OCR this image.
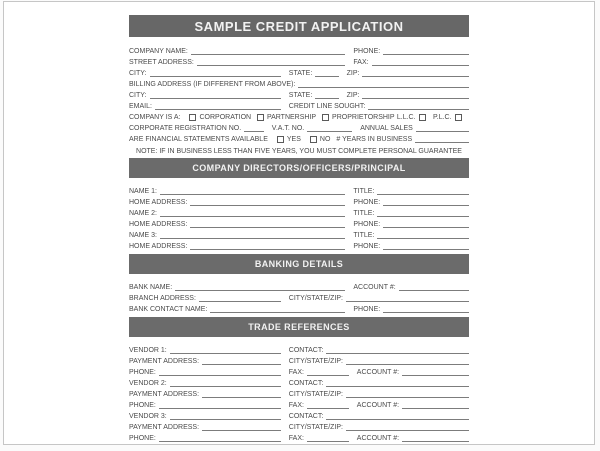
SAMPLE CREDIT APPLICATION
COMPANY NAME:	PHONE:
STREET ADDRESS:	FAX:
CITY:	STATE:	ZIP:
BILLING ADDRESS (IF DIFFERENT FROM ABOVE):
CITY:	STATE:	ZIP:
EMAIL:	CREDIT LINE SOUGHT:
COMPANY IS A:	CORPORATION PARTNERSHIP PROPRIETORSHIP L.L.C. P.L.C.
CORPORATE REGISTRATION NO.	V.A.T. NO.	ANNUAL SALES
ARE FINANCIAL STATEMENTS AVAILABLE	YES	NO # YEARS IN BUSINESS
NOTE: IF IN BUSINESS LESS THAN FIVE YEARS, YOU MUST COMPLETE PERSONAL GUARANTEE
COMPANY DIRECTORS/OFFICERS/PRINCIPAL
NAME 1:	TITLE:
HOME ADDRESS:	PHONE:
NAME 2:	TITLE:
HOME ADDRESS:	PHONE:
NAME 3:	TITLE:
HOME ADDRESS:	PHONE:
BANKING DETAILS
BANK NAME:	ACCOUNT #:
BRANCH ADDRESS:	CITY/STATE/ZIP:
BANK CONTACT NAME:	PHONE:
TRADE REFERENCES
VENDOR 1:	CONTACT:
PAYMENT ADDRESS:	CITY/STATE/ZIP:
PHONE:	FAX:	ACCOUNT #:
VENDOR 2:	CONTACT:
PAYMENT ADDRESS:	CITY/STATE/ZIP:
PHONE:	FAX:	ACCOUNT #:
VENDOR 3:	CONTACT:
PAYMENT ADDRESS:	CITY/STATE/ZIP:
PHONE:	FAX:	ACCOUNT #:
